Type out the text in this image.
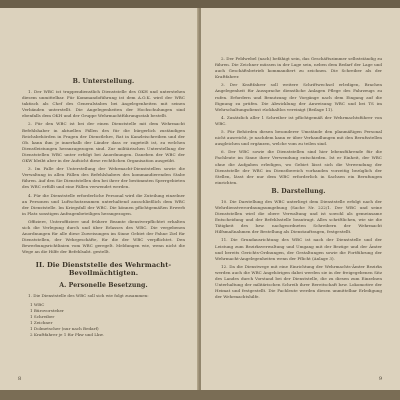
B. Unterstellung.

1. Der WBC ist truppendienstlich Dienststelle des OKH und unterstehen diesem unmittelbar. Für Kommandoführung ist dem A.O.K. wird der WBC taktisch als Chef des Generalstabes bei Angelegenheiten mit seinen Verbänden unterstellt. Die Angelegenheiten der Hochschulungen sind ebenfalls dem OKH und der Gruppe Wehrmachtführungsstab bestellt.

2. Für den WBC ist bei der einen Dienststelle mit dem Wehrmacht Befehlshaber in aktuellen Fällen des für die bürgerlich zuständigen Reichsbehörden in Fragen der Dienstlehre, Rat in Kanzleischreiben und der Ob. kann ihm je innerhalb der Länder dass er zugeteilt ist, zu welchen Dienstleistungen heranzugezogen sind. Zur militärischen Unterstellung der Dienststellen WBC unter erfolgt bei Anordnungen. Daneben der WBC der OKW bleibt aber in der Aufsicht diese rechtlichen Organisation ausgeübt.

3. Im Falle der Unterstellung der Wehrmacht-Dienststellen sowie die Verwaltung in allen Fällen des Befehlshabers des kommandierenden Stabe führen. Auf den Sie Dienststellen den bei ihrer der bestimmten Sperrgebieten des WBC erfüllt und eine Fällen verwendet werden.

4. Für die Dienststelle erforderliche Personal wird die Zuteilung einzelner an Personen und Luftschutzraumen unterhaltend ausschließlich dem WBC der Dienststelle. Im Kriegsfall der WBC. Die können pflichtgemäßen Erwerb in Platz sonstigen Anfragenbeteiligen herangezogen.

Offiziere, Unteroffiziere und frühere Beamte dienstverpflichtet erhalten sich die Verlegung durch und über Erlasses des WBC. Die vergebenen Anordnungen für alle diese Zuweisungen im Sinne Gebiet der Fahne Ziel für Dienststellen, der Wehrgeschäfte, für die der WBC verpflichtet. Den Bewerbungsrichtlinien vom WBC geregelt. Meldungen wie, wenn nicht die Wege an die Hilfe der Befehlsabt. gestellt.

II. Die Dienststelle des Wehrmacht-Bevollmächtigten.
A. Personelle Besetzung.

1. Die Dienststelle des WBC soll sich wie folgt zusammen:

1 WBC
1 Bürovorsteher
1 Schreiber
1 Zeichner
1 Dolmetscher (nur nach Bedarf)
2 Kraftfahrer je 1 für Pkw und Lkw.
8

2. Der Feldwebel (nach) befähigt sein, das Geschäftszimmer selbstständig zu führen. Die Zeichner müssen in der Lage sein, neben dem Bedarf der Lage und auch Geschäftsbetrieb kommandiert zu zeichnen. Die Schreiber als der Kraftfahrer.

3. Der Kraftfahrer soll weitere Schriftwechsel erledigen, Brachen Angelegenheit für Aussprache dienstliche Anlagen Pflege des Fahrzeugs zu rufen. Erfordern und Benutzung der Vorgänge nach dem Eingang auf die Eignung zu prüfen. Die Abwicklung der Anweisung WBC und bei TS im Wehrschaltungsdienst rückhaltlos vereinigt (Beilage 11).

4. Zusätzlich aller 1 Schreiber ist pflichtgemäß der Wehrmachtsführer von WBC.

5. Für Behörden diesen besonderer Umstände den planmäßigen Personal nicht ausreicht, je nachdem kann er über Verhandlungen mit den Berufsstellen ausgleichen und ergänzen, welche vom zu teilen sind.

6. Der WBC sowie die Dienststellen sind hier lebensführende für die Fachleute im Sinne ihrer Verwendung entschieden. Ist er Einheit, der WBC ohne die Aufgaben erledigen, wo Gebiet lässt sich die Verwendung der Dienststelle der WBC im Dienstbereich vorhanden vorzeitig bezüglich der Stellen, lässt der nur dem WBC erforderlich in Sachsen ein Berufungen einrichten.

B. Darstellung.

10. Die Darstellung des WBC unterliegt dem Dienststelle erfolgt nach der Wehrdienstverordnungsumgebung (Sache Nr. 222/1. Der WBC und seine Dienststellen wird die obere Verwaltung und ist sowohl als gemeinsame Entscheidung und der Befehlsstelle beantragt. Alles schriftlichen, wie sie die Tätigkeit des bzw. nachgeordneten Schreibern der Wehrmacht Hilfsmaßnahmen der Bestellung als Dienstauftragen, festgestellt.

11. Die Grundausrichtung des WBC ist nach der Dienststelle und der Leistung zum Bezirksverwaltung und Umgang mit der Bezüge und der Ämter und bereits Gerichts-Ordnungen, der Gestaltungen sowie die Fortführung der Wehrmacht-Angelegenheiten wenn der Pflicht (Anlage 3).

12. Da die Dienstwege mit eine Einrichtung der Wehrmachts-Ämter Bezirks werden auch die WBC Angehörigen dabei werden sie in der freigegebenen Sitz des Landes durch Vorstand bei der Dienststelle, die zu diesen zum Einzelnen Unterhaltung der militärischen Schreib ihrer Bereitschaft bzw. Lokomotive der Heimat und festgestellt. Die Fachleute werden diesen unmittelbar Erledigung der Wehrmachtshilfe.

9
